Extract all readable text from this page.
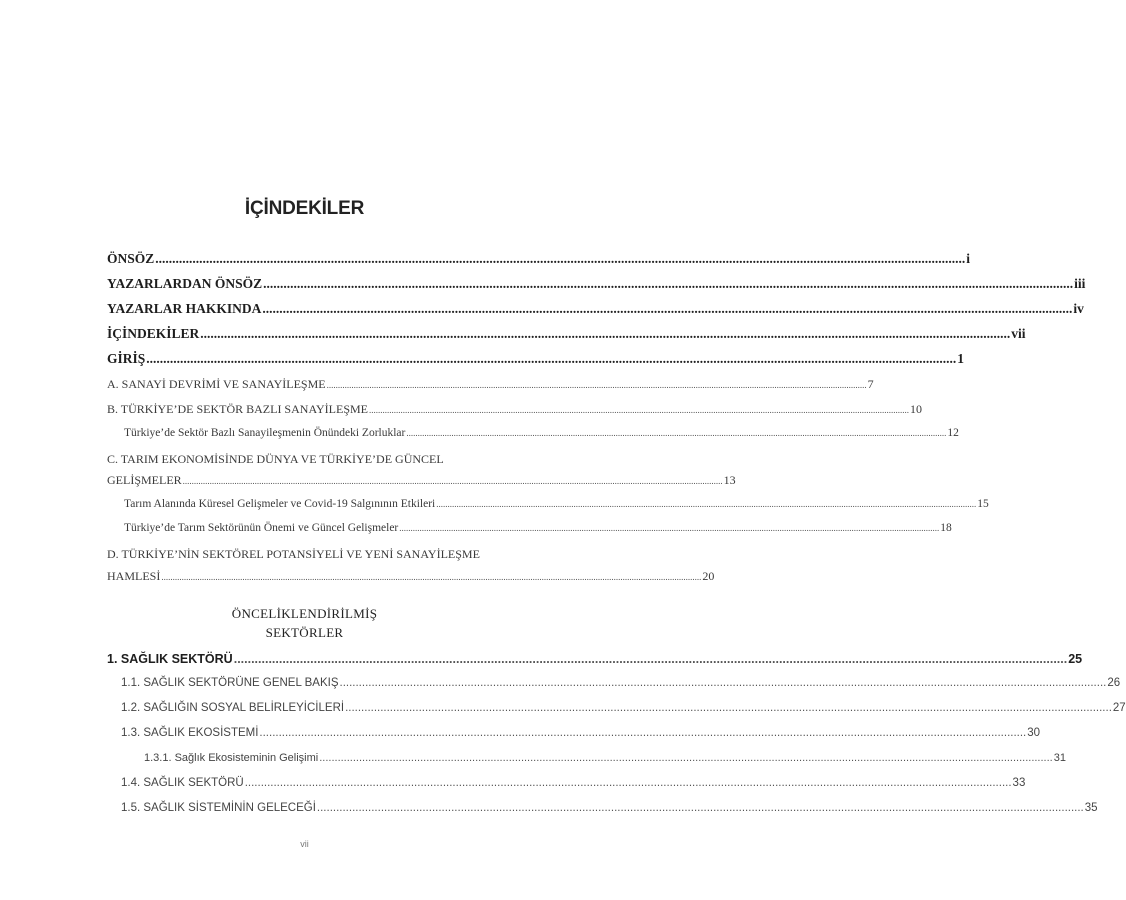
İÇİNDEKİLER
ÖNSÖZ ................................................................................................................................................................................................................................................ i
YAZARLARDAN ÖNSÖZ ................................................................................................................................................................................................................................................ iii
YAZARLAR HAKKINDA ................................................................................................................................................................................................................................................ iv
İÇİNDEKİLER ................................................................................................................................................................................................................................................ vii
GİRİŞ ................................................................................................................................................................................................................................................ 1
A. SANAYİ DEVRİMİ VE SANAYİLEŞME ................................................................................................................................................................................................................................................ 7
B. TÜRKİYE’DE SEKTÖR BAZLI SANAYİLEŞME ................................................................................................................................................................................................................................................ 10
Türkiye’de Sektör Bazlı Sanayileşmenin Önündeki Zorluklar ................................................................................................................................................................................................................................................ 12
C. TARIM EKONOMİSİNDE DÜNYA VE TÜRKİYE’DE GÜNCEL
GELİŞMELER ................................................................................................................................................................................................................................................ 13
Tarım Alanında Küresel Gelişmeler ve Covid-19 Salgınının Etkileri ................................................................................................................................................................................................................................................ 15
Türkiye’de Tarım Sektörünün Önemi ve Güncel Gelişmeler ................................................................................................................................................................................................................................................ 18
D. TÜRKİYE’NİN SEKTÖREL POTANSİYELİ VE YENİ SANAYİLEŞME
HAMLESİ ................................................................................................................................................................................................................................................ 20
ÖNCELİKLENDİRİLMİŞ
SEKTÖRLER
1. SAĞLIK SEKTÖRÜ ................................................................................................................................................................................................................................................ 25
1.1. SAĞLIK SEKTÖRÜNE GENEL BAKIŞ ................................................................................................................................................................................................................................................ 26
1.2. SAĞLIĞIN SOSYAL BELİRLEYİCİLERİ ................................................................................................................................................................................................................................................ 27
1.3. SAĞLIK EKOSİSTEMİ ................................................................................................................................................................................................................................................ 30
1.3.1. Sağlık Ekosisteminin Gelişimi ................................................................................................................................................................................................................................................ 31
1.4. SAĞLIK SEKTÖRÜ ................................................................................................................................................................................................................................................ 33
1.5. SAĞLIK SİSTEMİNİN GELECEĞİ ................................................................................................................................................................................................................................................ 35
vii
